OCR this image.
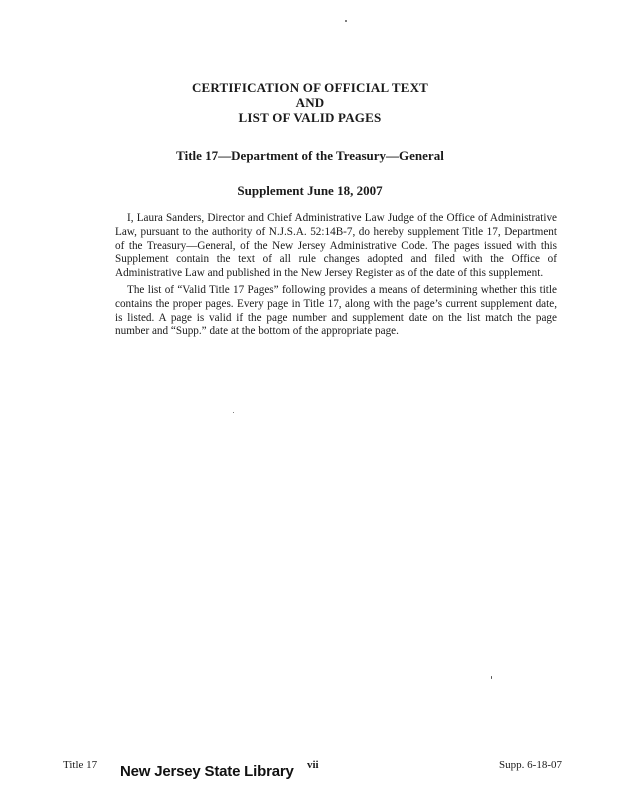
CERTIFICATION OF OFFICIAL TEXT
AND
LIST OF VALID PAGES
Title 17—Department of the Treasury—General
Supplement June 18, 2007

I, Laura Sanders, Director and Chief Administrative Law Judge of the Office of Administrative Law, pursuant to the authority of N.J.S.A. 52:14B-7, do hereby supplement Title 17, Department of the Treasury—General, of the New Jersey Administrative Code. The pages issued with this Supplement contain the text of all rule changes adopted and filed with the Office of Administrative Law and published in the New Jersey Register as of the date of this supplement.

The list of “Valid Title 17 Pages” following provides a means of determining whether this title contains the proper pages. Every page in Title 17, along with the page’s current supplement date, is listed. A page is valid if the page number and supplement date on the list match the page number and “Supp.” date at the bottom of the appropriate page.

Title 17	vii	Supp. 6-18-07
New Jersey State Library
